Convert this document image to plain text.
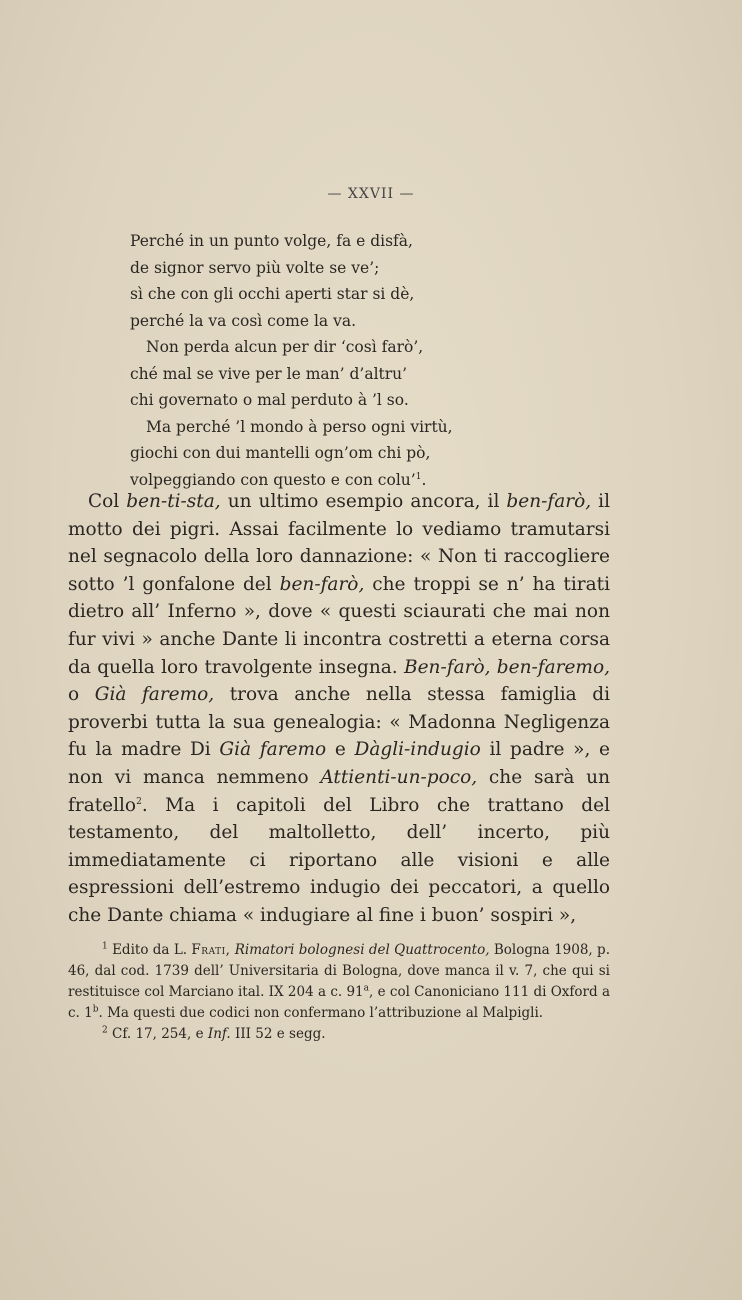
— XXVII —
Perché in un punto volge, fa e disfà,
de signor servo più volte se ve’;
sì che con gli occhi aperti star si dè,
perché la va così come la va.
Non perda alcun per dir ‘così farò’,
ché mal se vive per le man’ d’altru’
chi governato o mal perduto à ’l so.
Ma perché ’l mondo à perso ogni virtù,
giochi con dui mantelli ogn’om chi pò,
volpeggiando con questo e con colu’$^1$.

Col ben-ti-sta, un ultimo esempio ancora, il ben-farò, il motto dei pigri. Assai facilmente lo vediamo tramutarsi nel segnacolo della loro dannazione: « Non ti raccogliere sotto ’l gonfalone del ben-farò, che troppi se n’ ha tirati dietro all’ Inferno », dove « questi sciaurati che mai non fur vivi » anche Dante li incontra costretti a eterna corsa da quella loro travolgente insegna. Ben-farò, ben-faremo, o Già faremo, trova anche nella stessa famiglia di proverbi tutta la sua genealogia: « Madonna Negligenza fu la madre Di Già faremo e Dàgli-indugio il padre », e non vi manca nemmeno Attienti-un-poco, che sarà un fratello$^2$. Ma i capitoli del Libro che trattano del testamento, del maltolletto, dell’ incerto, più immediatamente ci riportano alle visioni e alle espressioni dell’estremo indugio dei peccatori, a quello che Dante chiama « indugiare al fine i buon’ sospiri »,

$^1$ Edito da L. Frati, Rimatori bolognesi del Quattrocento, Bologna 1908, p. 46, dal cod. 1739 dell’ Universitaria di Bologna, dove manca il v. 7, che qui si restituisce col Marciano ital. IX 204 a c. 91$^a$, e col Canoniciano 111 di Oxford a c. 1$^b$. Ma questi due codici non confermano l’attribuzione al Malpigli.

$^2$ Cf. 17, 254, e Inf. III 52 e segg.
